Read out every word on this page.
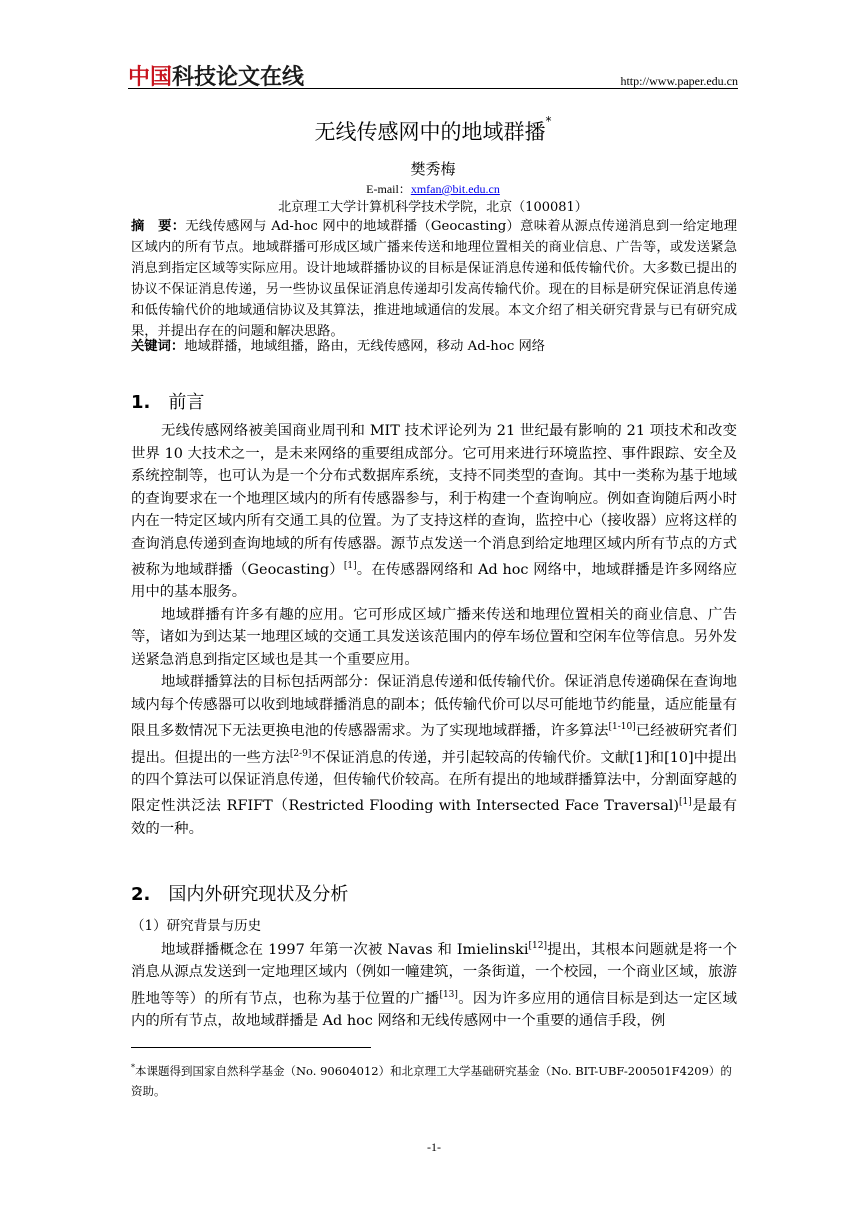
中国科技论文在线	http://www.paper.edu.cn
无线传感网中的地域群播*
樊秀梅
E-mail：xmfan@bit.edu.cn
北京理工大学计算机科学技术学院，北京（100081）
摘　要：无线传感网与 Ad-hoc 网中的地域群播（Geocasting）意味着从源点传递消息到一给定地理区域内的所有节点。地域群播可形成区域广播来传送和地理位置相关的商业信息、广告等，或发送紧急消息到指定区域等实际应用。设计地域群播协议的目标是保证消息传递和低传输代价。大多数已提出的协议不保证消息传递，另一些协议虽保证消息传递却引发高传输代价。现在的目标是研究保证消息传递和低传输代价的地域通信协议及其算法，推进地域通信的发展。本文介绍了相关研究背景与已有研究成果，并提出存在的问题和解决思路。
关键词：地域群播，地域组播，路由，无线传感网，移动 Ad-hoc 网络
1. 前言

无线传感网络被美国商业周刊和 MIT 技术评论列为 21 世纪最有影响的 21 项技术和改变世界 10 大技术之一，是未来网络的重要组成部分。它可用来进行环境监控、事件跟踪、安全及系统控制等，也可认为是一个分布式数据库系统，支持不同类型的查询。其中一类称为基于地域的查询要求在一个地理区域内的所有传感器参与，利于构建一个查询响应。例如查询随后两小时内在一特定区域内所有交通工具的位置。为了支持这样的查询，监控中心（接收器）应将这样的查询消息传递到查询地域的所有传感器。源节点发送一个消息到给定地理区域内所有节点的方式被称为地域群播（Geocasting）[1]。在传感器网络和 Ad hoc 网络中，地域群播是许多网络应用中的基本服务。

地域群播有许多有趣的应用。它可形成区域广播来传送和地理位置相关的商业信息、广告等，诸如为到达某一地理区域的交通工具发送该范围内的停车场位置和空闲车位等信息。另外发送紧急消息到指定区域也是其一个重要应用。

地域群播算法的目标包括两部分：保证消息传递和低传输代价。保证消息传递确保在查询地域内每个传感器可以收到地域群播消息的副本；低传输代价可以尽可能地节约能量，适应能量有限且多数情况下无法更换电池的传感器需求。为了实现地域群播，许多算法[1-10]已经被研究者们提出。但提出的一些方法[2-9]不保证消息的传递，并引起较高的传输代价。文献[1]和[10]中提出的四个算法可以保证消息传递，但传输代价较高。在所有提出的地域群播算法中，分割面穿越的限定性洪泛法 RFIFT（Restricted Flooding with Intersected Face Traversal)[1]是最有效的一种。

2. 国内外研究现状及分析
（1）研究背景与历史

地域群播概念在 1997 年第一次被 Navas 和 Imielinski[12]提出，其根本问题就是将一个消息从源点发送到一定地理区域内（例如一幢建筑，一条街道，一个校园，一个商业区域，旅游胜地等等）的所有节点，也称为基于位置的广播[13]。因为许多应用的通信目标是到达一定区域内的所有节点，故地域群播是 Ad hoc 网络和无线传感网中一个重要的通信手段，例

*本课题得到国家自然科学基金（No. 90604012）和北京理工大学基础研究基金（No. BIT-UBF-200501F4209）的资助。
-1-
